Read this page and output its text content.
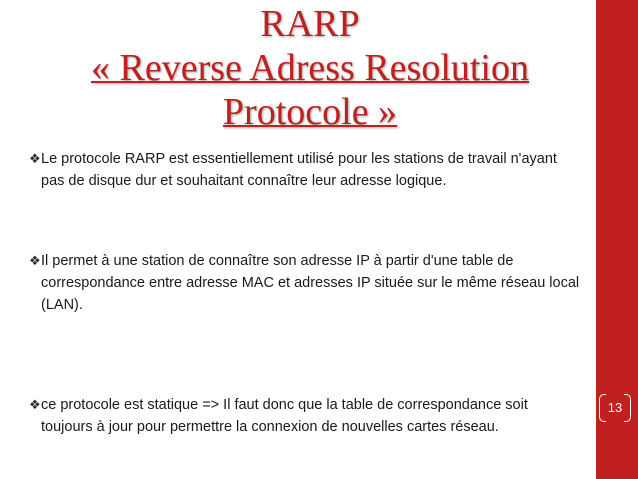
13
RARP
« Reverse Adress Resolution
Protocole »

❖ Le protocole RARP est essentiellement utilisé pour les stations de travail n'ayant pas de disque dur et souhaitant connaître leur adresse logique.

❖ Il permet à une station de connaître son adresse IP à partir d'une table de correspondance entre adresse MAC et adresses IP située sur le même réseau local (LAN).

❖ ce protocole est statique => Il faut donc que la table de correspondance soit toujours à jour pour permettre la connexion de nouvelles cartes réseau.
